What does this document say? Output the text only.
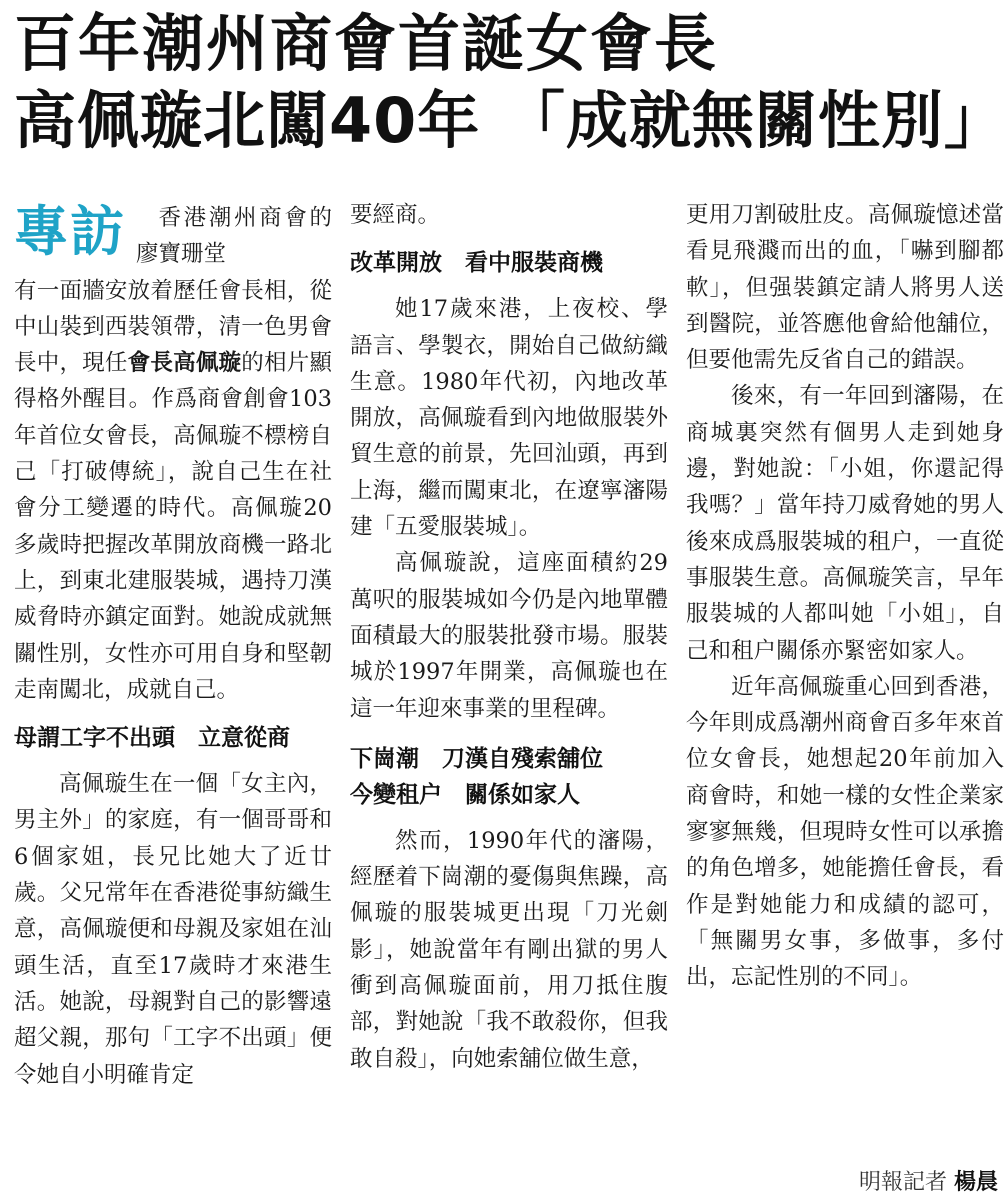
百年潮州商會首誕女會長
高佩璇北闖40年 「成就無關性別」
專訪	香港潮州商會的廖寶珊堂

有一面牆安放着歷任會長相，從中山裝到西裝領帶，清一色男會長中，現任會長高佩璇的相片顯得格外醒目。作爲商會創會103年首位女會長，高佩璇不標榜自己「打破傳統」，說自己生在社會分工變遷的時代。高佩璇20多歲時把握改革開放商機一路北上，到東北建服裝城，遇持刀漢威脅時亦鎮定面對。她說成就無關性別，女性亦可用自身和堅韌走南闖北，成就自己。

母謂工字不出頭　立意從商

高佩璇生在一個「女主內，男主外」的家庭，有一個哥哥和6個家姐，長兄比她大了近廿歲。父兄常年在香港從事紡織生意，高佩璇便和母親及家姐在汕頭生活，直至17歲時才來港生活。她說，母親對自己的影響遠超父親，那句「工字不出頭」便令她自小明確肯定

要經商。

改革開放　看中服裝商機

她17歲來港，上夜校、學語言、學製衣，開始自己做紡織生意。1980年代初，內地改革開放，高佩璇看到內地做服裝外貿生意的前景，先回汕頭，再到上海，繼而闖東北，在遼寧瀋陽建「五愛服裝城」。

高佩璇說，這座面積約29萬呎的服裝城如今仍是內地單體面積最大的服裝批發市場。服裝城於1997年開業，高佩璇也在這一年迎來事業的里程碑。

下崗潮　刀漢自殘索舖位
今變租户　關係如家人

然而，1990年代的瀋陽，經歷着下崗潮的憂傷與焦躁，高佩璇的服裝城更出現「刀光劍影」，她說當年有剛出獄的男人衝到高佩璇面前，用刀抵住腹部，對她說「我不敢殺你，但我敢自殺」，向她索舖位做生意，

更用刀割破肚皮。高佩璇憶述當看見飛濺而出的血，「嚇到腳都軟」，但强裝鎮定請人將男人送到醫院，並答應他會給他舖位，但要他需先反省自己的錯誤。

後來，有一年回到瀋陽，在商城裏突然有個男人走到她身邊，對她說：「小姐，你還記得我嗎？」當年持刀威脅她的男人後來成爲服裝城的租户，一直從事服裝生意。高佩璇笑言，早年服裝城的人都叫她「小姐」，自己和租户關係亦緊密如家人。

近年高佩璇重心回到香港，今年則成爲潮州商會百多年來首位女會長，她想起20年前加入商會時，和她一樣的女性企業家寥寥無幾，但現時女性可以承擔的角色增多，她能擔任會長，看作是對她能力和成績的認可，「無關男女事，多做事，多付出，忘記性別的不同」。

明報記者 楊晨
